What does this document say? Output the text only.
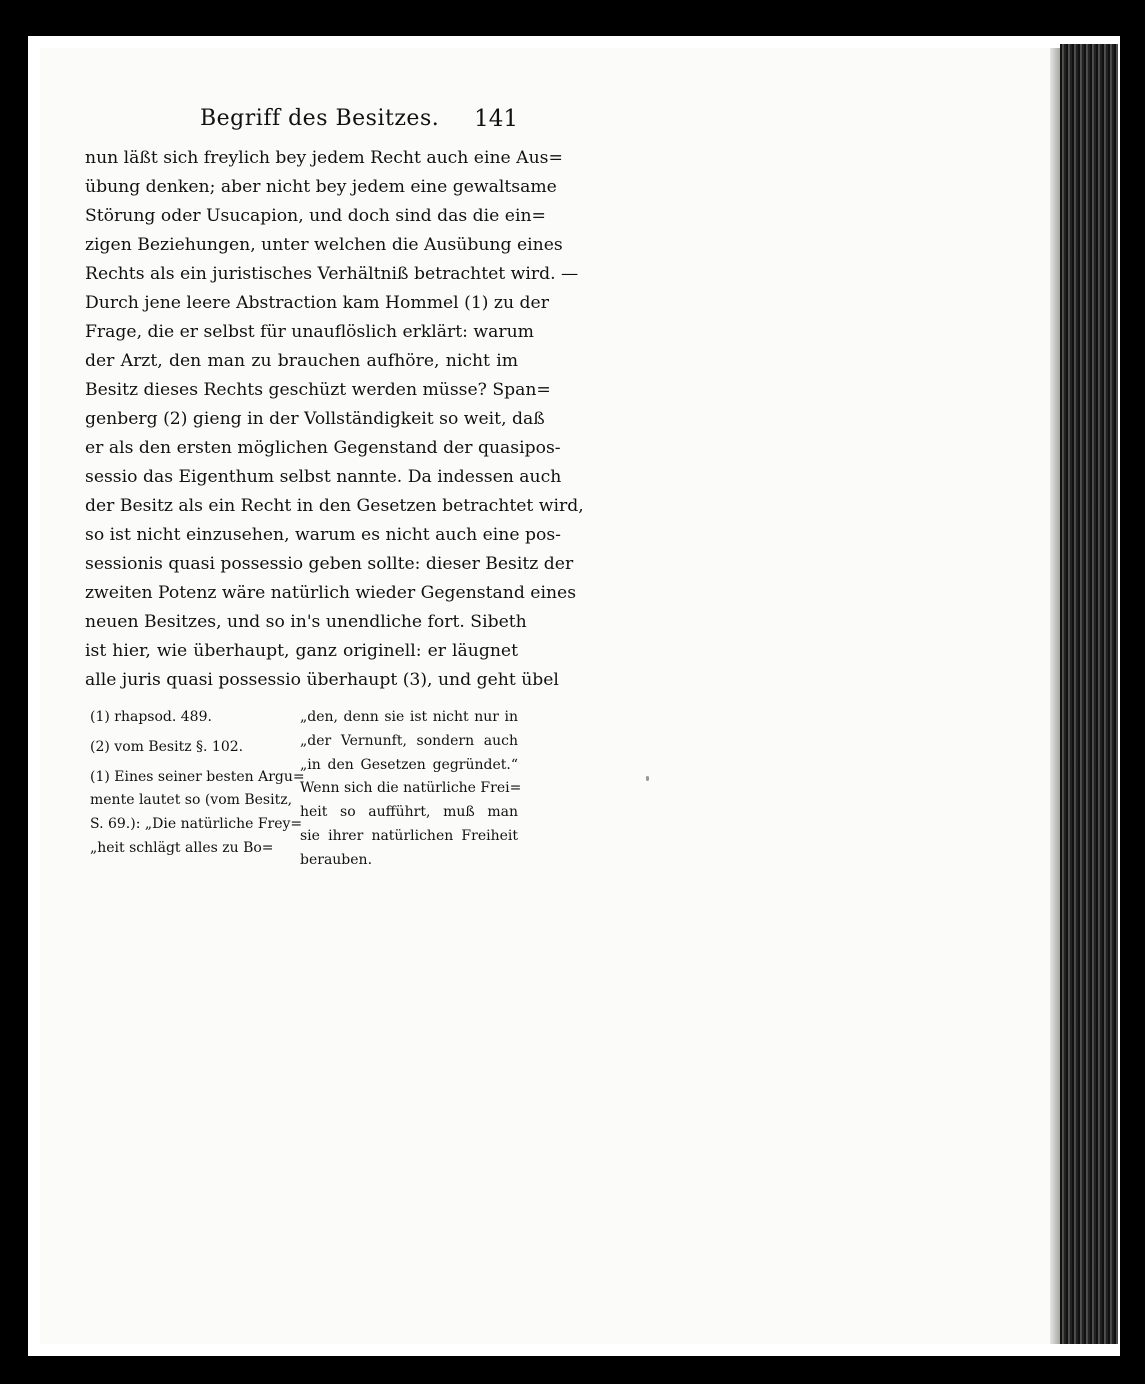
Begriff des Besitzes. 141
nun läßt sich freylich bey jedem Recht auch eine Aus=
übung denken; aber nicht bey jedem eine gewaltsame
Störung oder Usucapion, und doch sind das die ein=
zigen Beziehungen, unter welchen die Ausübung eines
Rechts als ein juristisches Verhältniß betrachtet wird. —
Durch jene leere Abstraction kam Hommel (1) zu der
Frage, die er selbst für unauflöslich erklärt: warum
der Arzt, den man zu brauchen aufhöre, nicht im
Besitz dieses Rechts geschüzt werden müsse? Span=
genberg (2) gieng in der Vollständigkeit so weit, daß
er als den ersten möglichen Gegenstand der quasipos-
sessio das Eigenthum selbst nannte. Da indessen auch
der Besitz als ein Recht in den Gesetzen betrachtet wird,
so ist nicht einzusehen, warum es nicht auch eine pos-
sessionis quasi possessio geben sollte: dieser Besitz der
zweiten Potenz wäre natürlich wieder Gegenstand eines
neuen Besitzes, und so in's unendliche fort. Sibeth
ist hier, wie überhaupt, ganz originell: er läugnet
alle juris quasi possessio überhaupt (3), und geht übel
(1) rhapsod. 489.
(2) vom Besitz §. 102.
(1) Eines seiner besten Argu=
mente lautet so (vom Besitz,
S. 69.): „Die natürliche Frey=
„heit schlägt alles zu Bo=
„den, denn sie ist nicht nur in
„der Vernunft, sondern auch
„in den Gesetzen gegründet.“
Wenn sich die natürliche Frei=
heit so aufführt, muß man
sie ihrer natürlichen Freiheit
berauben.
